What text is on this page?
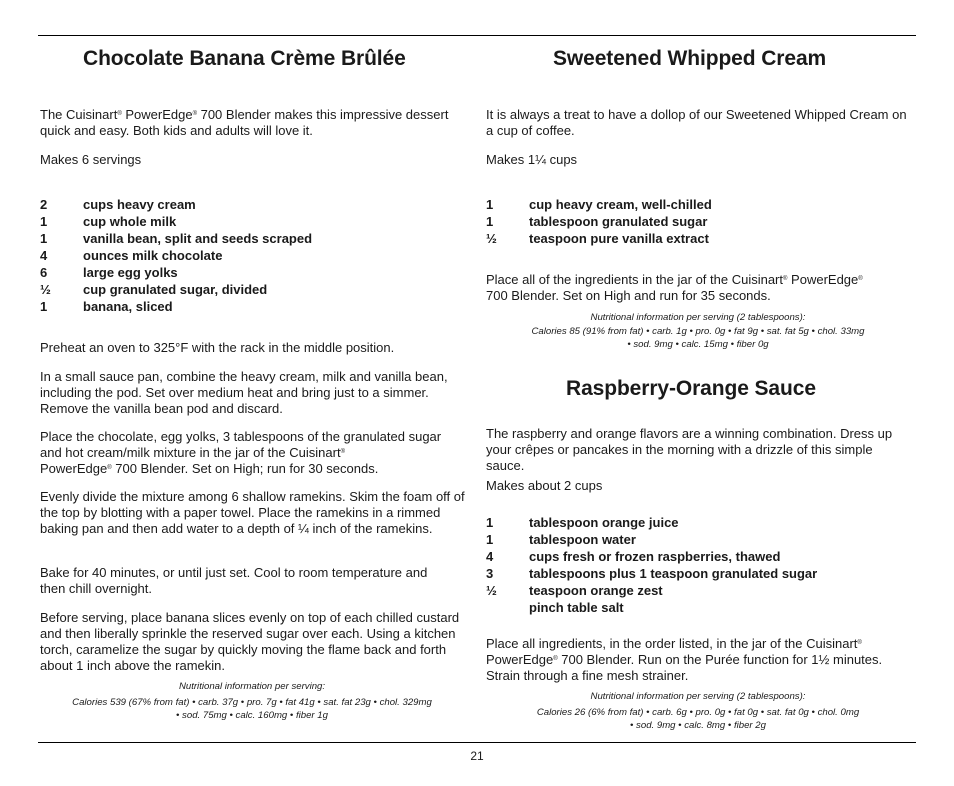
Chocolate Banana Crème Brûlée

The Cuisinart® PowerEdge® 700 Blender makes this impressive dessert quick and easy. Both kids and adults will love it.

Makes 6 servings

2	cups heavy cream
1	cup whole milk
1	vanilla bean, split and seeds scraped
4	ounces milk chocolate
6	large egg yolks
½	cup granulated sugar, divided
1	banana, sliced

Preheat an oven to 325°F with the rack in the middle position.

In a small sauce pan, combine the heavy cream, milk and vanilla bean, including the pod. Set over medium heat and bring just to a simmer. Remove the vanilla bean pod and discard.

Place the chocolate, egg yolks, 3 tablespoons of the granulated sugar and hot cream/milk mixture in the jar of the Cuisinart®
PowerEdge® 700 Blender. Set on High; run for 30 seconds.

Evenly divide the mixture among 6 shallow ramekins. Skim the foam off of the top by blotting with a paper towel. Place the ramekins in a rimmed baking pan and then add water to a depth of ¼ inch of the ramekins.

Bake for 40 minutes, or until just set. Cool to room temperature and then chill overnight.

Before serving, place banana slices evenly on top of each chilled custard and then liberally sprinkle the reserved sugar over each. Using a kitchen torch, caramelize the sugar by quickly moving the flame back and forth about 1 inch above the ramekin.

Nutritional information per serving:
Calories 539 (67% from fat) • carb. 37g • pro. 7g • fat 41g • sat. fat 23g • chol. 329mg
• sod. 75mg • calc. 160mg • fiber 1g
Sweetened Whipped Cream

It is always a treat to have a dollop of our Sweetened Whipped Cream on a cup of coffee.

Makes 1¼ cups

1	cup heavy cream, well-chilled
1	tablespoon granulated sugar
½	teaspoon pure vanilla extract

Place all of the ingredients in the jar of the Cuisinart® PowerEdge®
700 Blender. Set on High and run for 35 seconds.

Nutritional information per serving (2 tablespoons):
Calories 85 (91% from fat) • carb. 1g • pro. 0g • fat 9g • sat. fat 5g • chol. 33mg
• sod. 9mg • calc. 15mg • fiber 0g
Raspberry-Orange Sauce

The raspberry and orange flavors are a winning combination. Dress up your crêpes or pancakes in the morning with a drizzle of this simple sauce.

Makes about 2 cups

1	tablespoon orange juice
1	tablespoon water
4	cups fresh or frozen raspberries, thawed
3	tablespoons plus 1 teaspoon granulated sugar
½	teaspoon orange zest
pinch table salt

Place all ingredients, in the order listed, in the jar of the Cuisinart®
PowerEdge® 700 Blender. Run on the Purée function for 1½ minutes. Strain through a fine mesh strainer.

Nutritional information per serving (2 tablespoons):
Calories 26 (6% from fat) • carb. 6g • pro. 0g • fat 0g • sat. fat 0g • chol. 0mg
• sod. 9mg • calc. 8mg • fiber 2g
21
